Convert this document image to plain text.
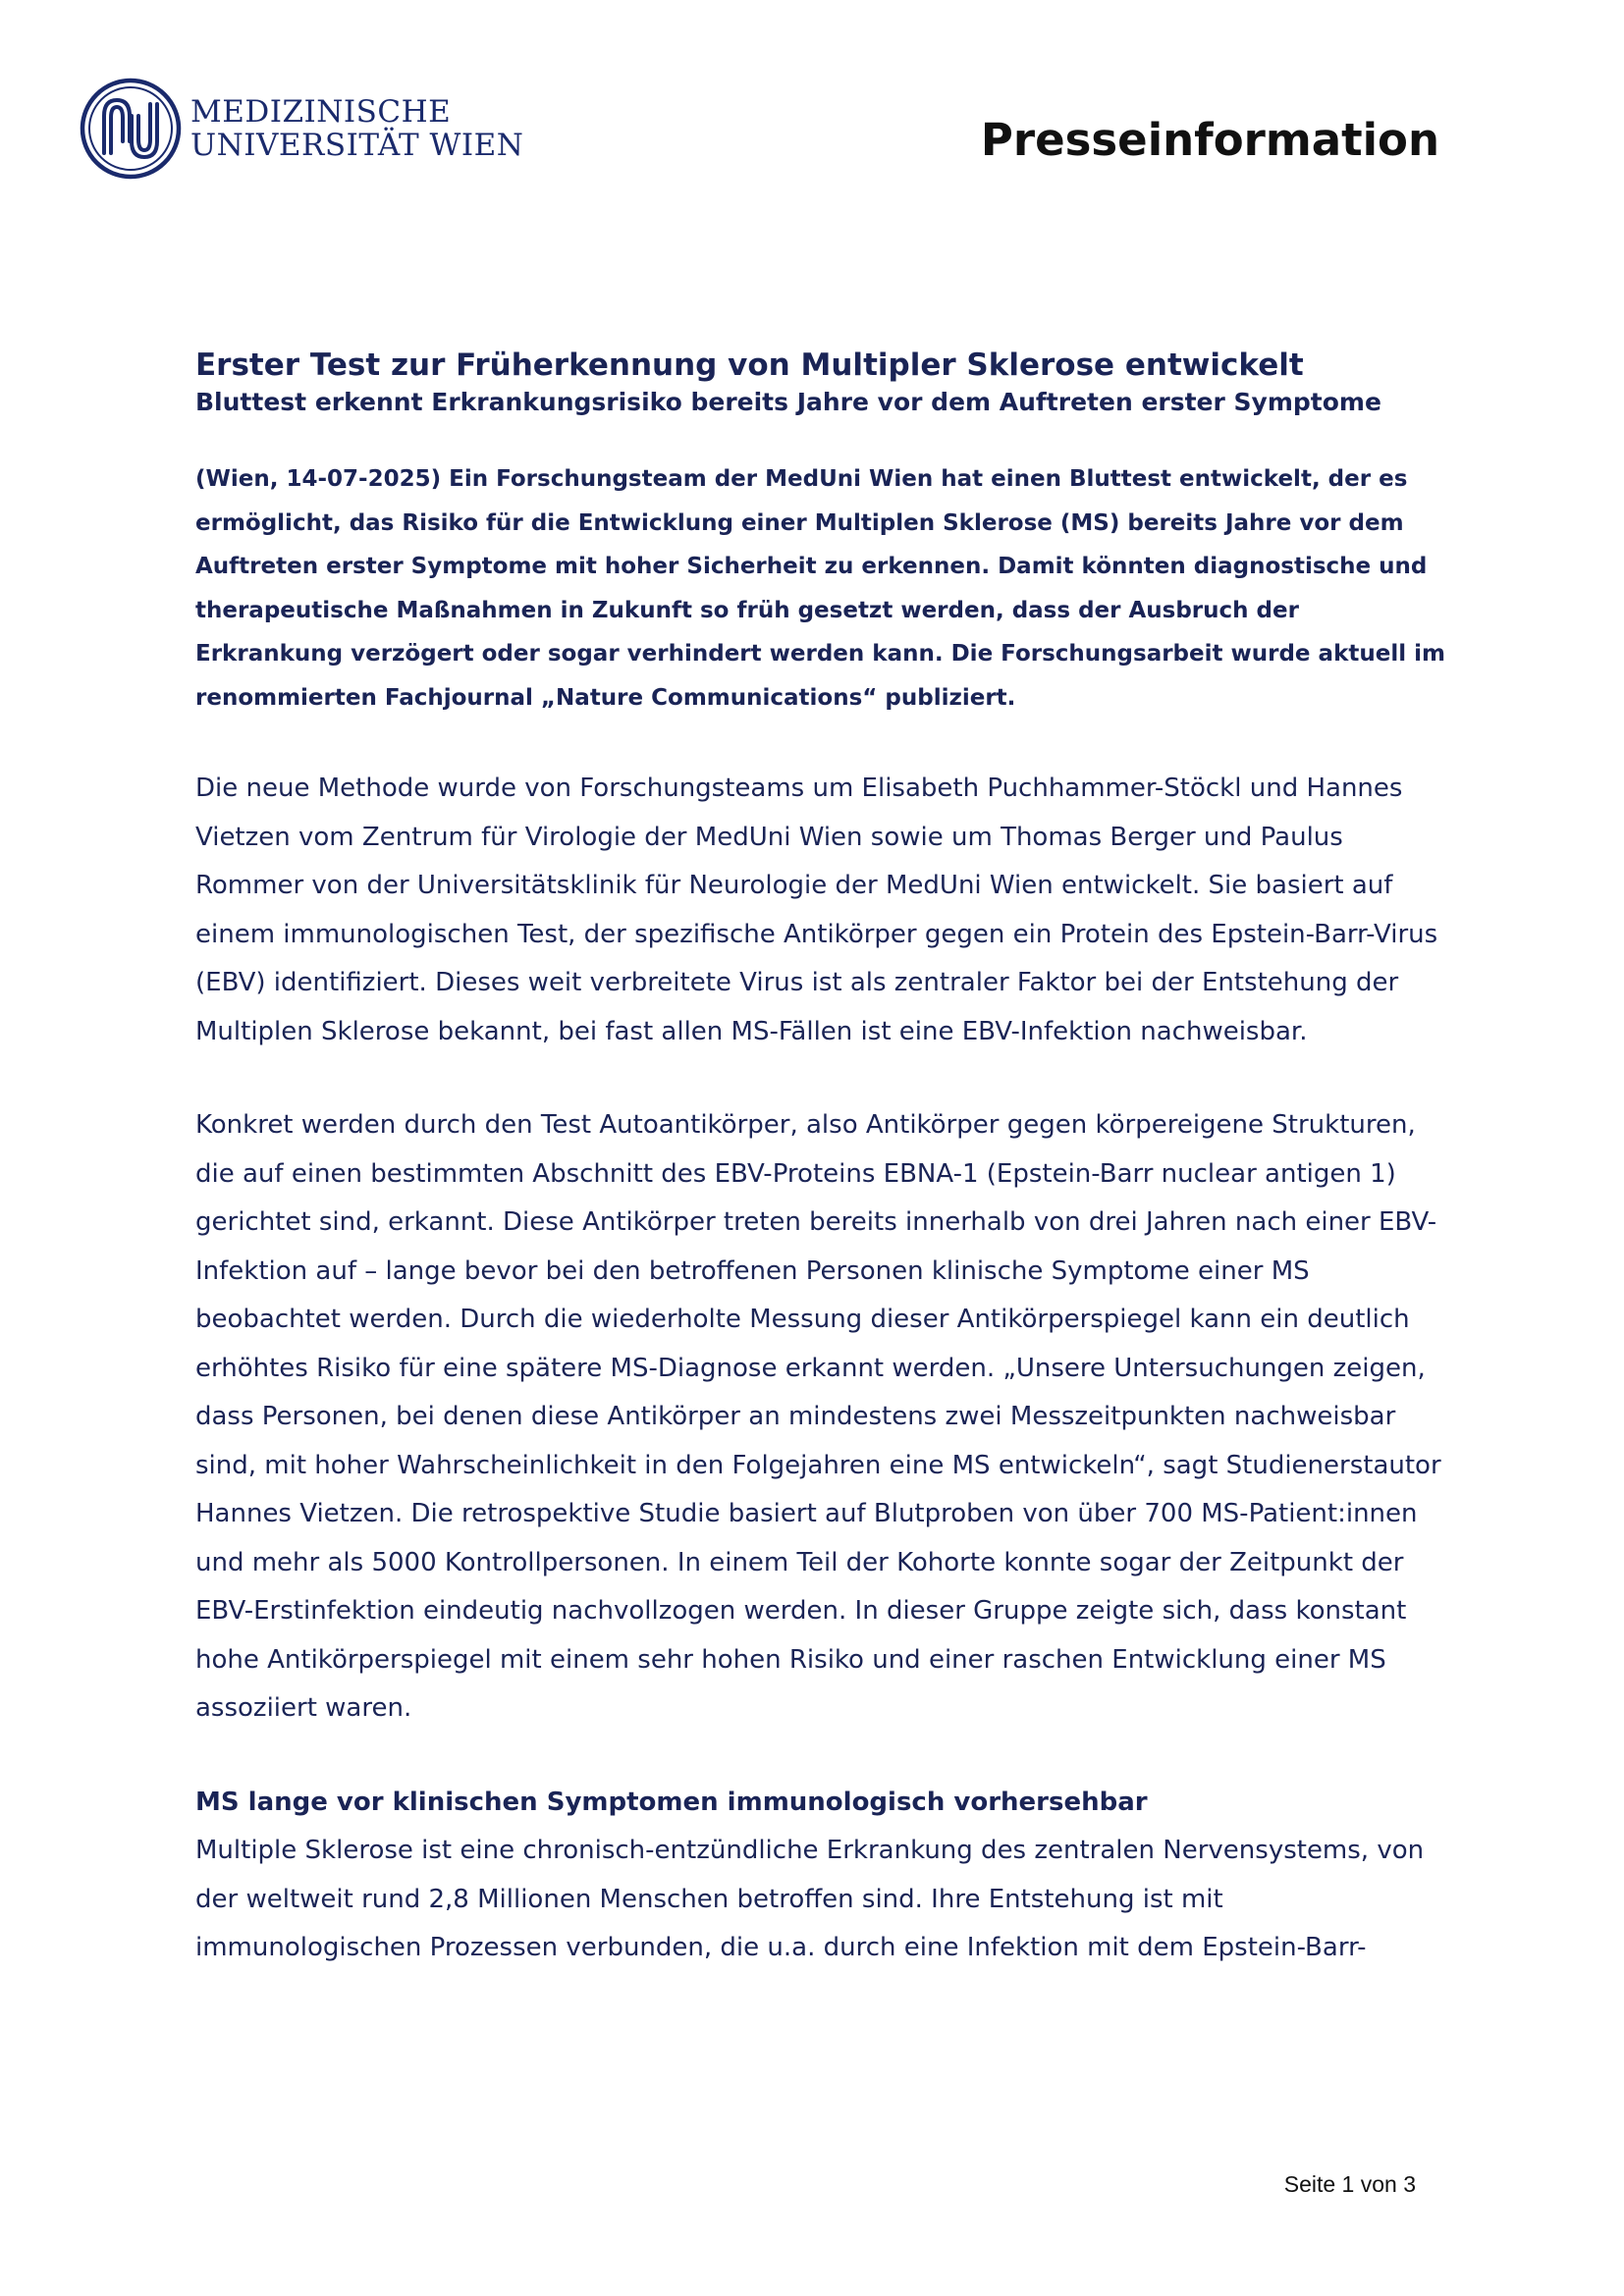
MEDIZINISCHE
UNIVERSITÄT WIEN	Presseinformation
Erster Test zur Früherkennung von Multipler Sklerose entwickelt
Bluttest erkennt Erkrankungsrisiko bereits Jahre vor dem Auftreten erster Symptome

(Wien, 14-07-2025) Ein Forschungsteam der MedUni Wien hat einen Bluttest entwickelt, der es ermöglicht, das Risiko für die Entwicklung einer Multiplen Sklerose (MS) bereits Jahre vor dem Auftreten erster Symptome mit hoher Sicherheit zu erkennen. Damit könnten diagnostische und therapeutische Maßnahmen in Zukunft so früh gesetzt werden, dass der Ausbruch der Erkrankung verzögert oder sogar verhindert werden kann. Die Forschungsarbeit wurde aktuell im renommierten Fachjournal „Nature Communications“ publiziert.

Die neue Methode wurde von Forschungsteams um Elisabeth Puchhammer-Stöckl und Hannes Vietzen vom Zentrum für Virologie der MedUni Wien sowie um Thomas Berger und Paulus Rommer von der Universitätsklinik für Neurologie der MedUni Wien entwickelt. Sie basiert auf einem immunologischen Test, der spezifische Antikörper gegen ein Protein des Epstein-Barr-Virus (EBV) identifiziert. Dieses weit verbreitete Virus ist als zentraler Faktor bei der Entstehung der Multiplen Sklerose bekannt, bei fast allen MS-Fällen ist eine EBV-Infektion nachweisbar.

Konkret werden durch den Test Autoantikörper, also Antikörper gegen körpereigene Strukturen, die auf einen bestimmten Abschnitt des EBV-Proteins EBNA-1 (Epstein-Barr nuclear antigen 1) gerichtet sind, erkannt. Diese Antikörper treten bereits innerhalb von drei Jahren nach einer EBV-Infektion auf – lange bevor bei den betroffenen Personen klinische Symptome einer MS beobachtet werden. Durch die wiederholte Messung dieser Antikörperspiegel kann ein deutlich erhöhtes Risiko für eine spätere MS-Diagnose erkannt werden. „Unsere Untersuchungen zeigen, dass Personen, bei denen diese Antikörper an mindestens zwei Messzeitpunkten nachweisbar sind, mit hoher Wahrscheinlichkeit in den Folgejahren eine MS entwickeln“, sagt Studienerstautor Hannes Vietzen. Die retrospektive Studie basiert auf Blutproben von über 700 MS-Patient:innen und mehr als 5000 Kontrollpersonen. In einem Teil der Kohorte konnte sogar der Zeitpunkt der EBV-Erstinfektion eindeutig nachvollzogen werden. In dieser Gruppe zeigte sich, dass konstant hohe Antikörperspiegel mit einem sehr hohen Risiko und einer raschen Entwicklung einer MS assoziiert waren.

MS lange vor klinischen Symptomen immunologisch vorhersehbar

Multiple Sklerose ist eine chronisch-entzündliche Erkrankung des zentralen Nervensystems, von der weltweit rund 2,8 Millionen Menschen betroffen sind. Ihre Entstehung ist mit immunologischen Prozessen verbunden, die u.a. durch eine Infektion mit dem Epstein-Barr-

Seite 1 von 3
